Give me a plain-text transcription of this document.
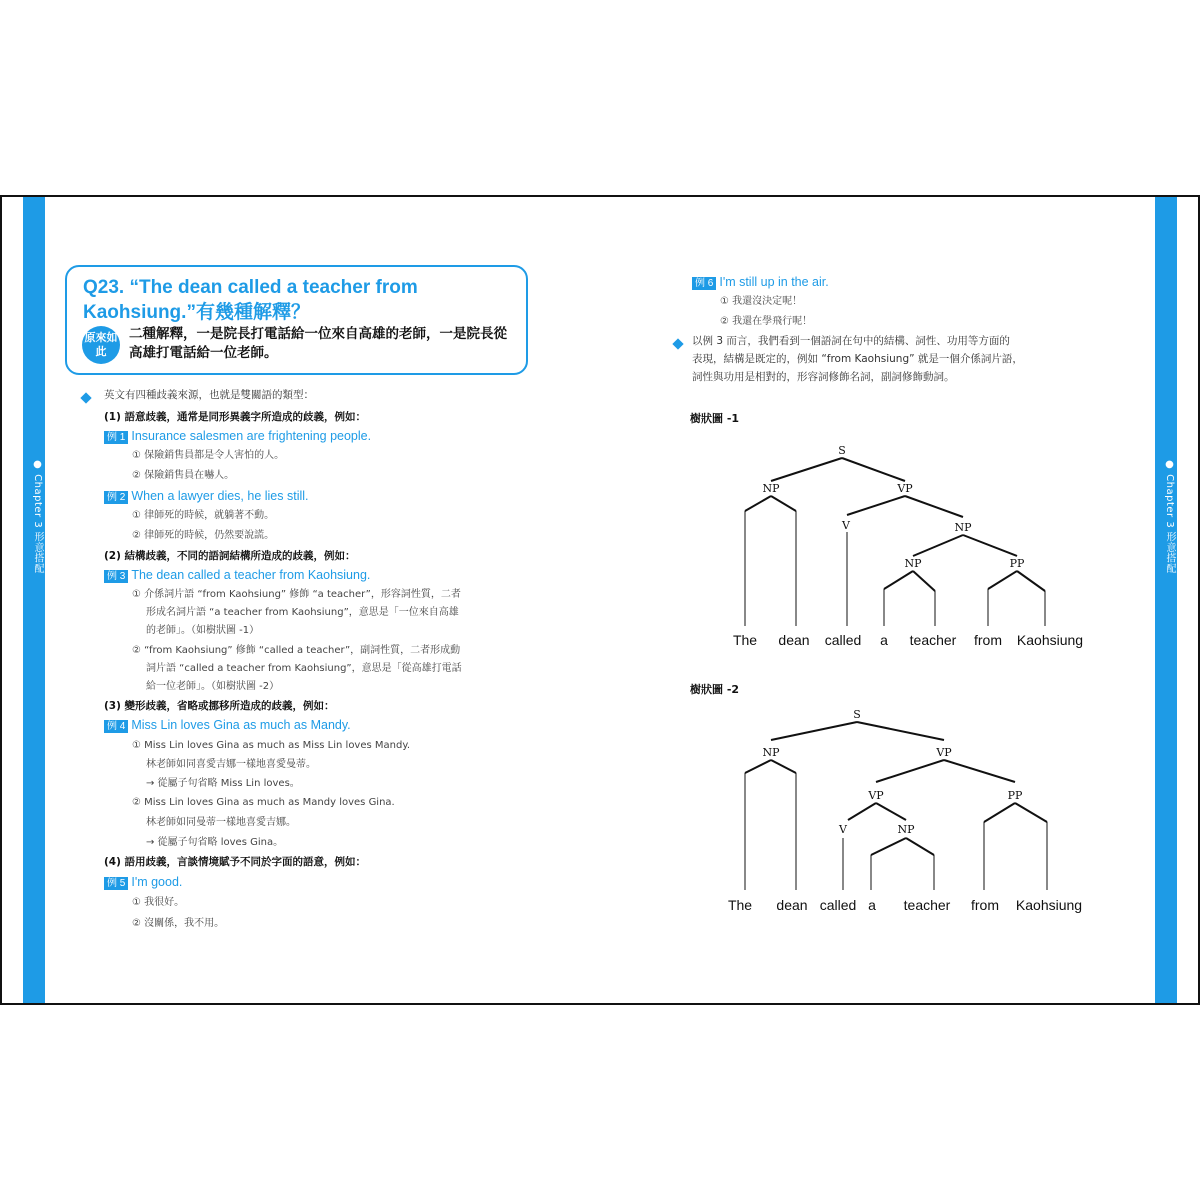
● Chapter 3 形意搭配
110
● Chapter 3 形意搭配
111
Q23. “The dean called a teacher from Kaohsiung.”有幾種解釋？
原來如此
二種解釋，一是院長打電話給一位來自高雄的老師，一是院長從高雄打電話給一位老師。
英文有四種歧義來源，也就是雙關語的類型：
(1) 語意歧義，通常是同形異義字所造成的歧義，例如：
例 1 Insurance salesmen are frightening people.
① 保險銷售員都是令人害怕的人。
② 保險銷售員在嚇人。
例 2 When a lawyer dies, he lies still.
① 律師死的時候，就躺著不動。
② 律師死的時候，仍然要說謊。
(2) 結構歧義，不同的語詞結構所造成的歧義，例如：
例 3 The dean called a teacher from Kaohsiung.
① 介係詞片語 “from Kaohsiung” 修飾 “a teacher”，形容詞性質，二者
形成名詞片語 “a teacher from Kaohsiung”，意思是「一位來自高雄
的老師」。（如樹狀圖 -1）
② “from Kaohsiung” 修飾 “called a teacher”，副詞性質，二者形成動
詞片語 “called a teacher from Kaohsiung”，意思是「從高雄打電話
給一位老師」。（如樹狀圖 -2）
(3) 變形歧義，省略或挪移所造成的歧義，例如：
例 4 Miss Lin loves Gina as much as Mandy.
① Miss Lin loves Gina as much as Miss Lin loves Mandy.
林老師如同喜愛吉娜一樣地喜愛曼蒂。
→ 從屬子句省略 Miss Lin loves。
② Miss Lin loves Gina as much as Mandy loves Gina.
林老師如同曼蒂一樣地喜愛吉娜。
→ 從屬子句省略 loves Gina。
(4) 語用歧義，言談情境賦予不同於字面的語意，例如：
例 5 I'm good.
① 我很好。
② 沒關係，我不用。
例 6 I'm still up in the air.
① 我還沒決定呢！
② 我還在學飛行呢！
以例 3 而言，我們看到一個語詞在句中的結構、詞性、功用等方面的
表現，結構是既定的，例如 “from Kaohsiung” 就是一個介係詞片語，
詞性與功用是相對的，形容詞修飾名詞，副詞修飾動詞。
樹狀圖 -1
樹狀圖 -2
S
NP	VP
V	NP
NP	PP
The dean called a teacher from Kaohsiung
S
NP	VP
VP	PP
V	NP
The dean called a teacher from Kaohsiung
